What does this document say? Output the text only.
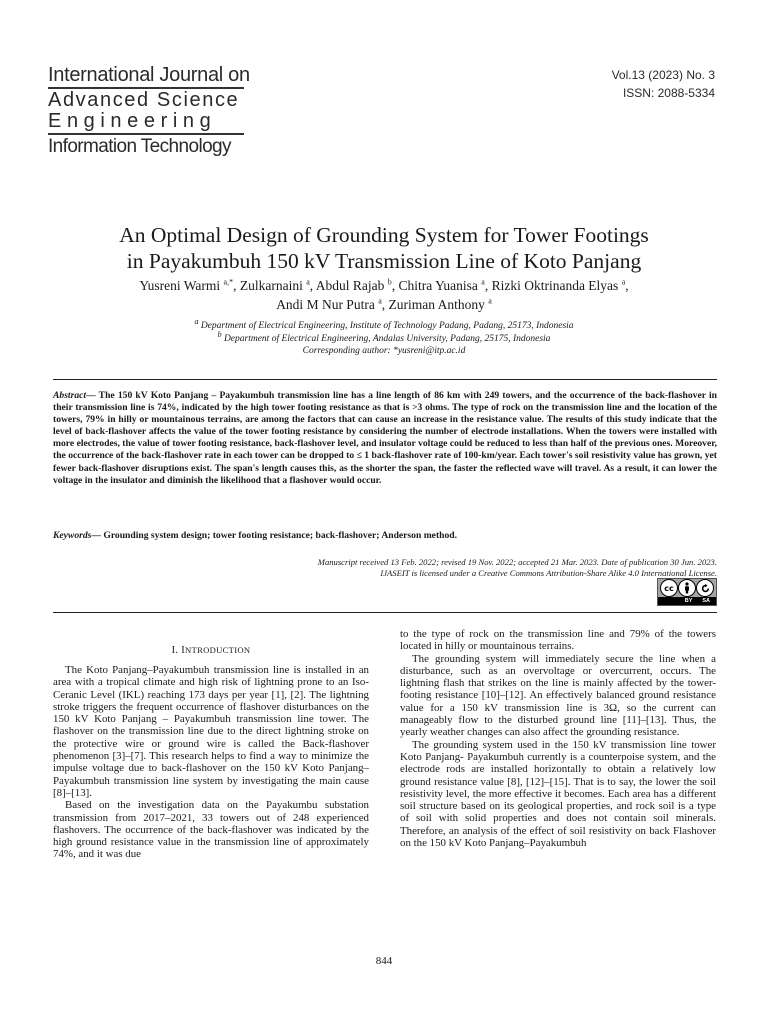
International Journal on
Advanced Science
Engineering
Information Technology
Vol.13 (2023) No. 3
ISSN: 2088-5334
An Optimal Design of Grounding System for Tower Footings
in Payakumbuh 150 kV Transmission Line of Koto Panjang
Yusreni Warmi $^{a,*}$, Zulkarnaini $^a$, Abdul Rajab $^b$, Chitra Yuanisa $^a$, Rizki Oktrinanda Elyas $^a$,
Andi M Nur Putra $^a$, Zuriman Anthony $^a$
$^a$ Department of Electrical Engineering, Institute of Technology Padang, Padang, 25173, Indonesia
$^b$ Department of Electrical Engineering, Andalas University, Padang, 25175, Indonesia
Corresponding author: *yusreni@itp.ac.id
Abstract— The 150 kV Koto Panjang – Payakumbuh transmission line has a line length of 86 km with 249 towers, and the occurrence of the back-flashover in their transmission line is 74%, indicated by the high tower footing resistance as that is >3 ohms. The type of rock on the transmission line and the location of the towers, 79% in hilly or mountainous terrains, are among the factors that can cause an increase in the resistance value. The results of this study indicate that the level of back-flashover affects the value of the tower footing resistance by considering the number of electrode installations. When the towers were installed with more electrodes, the value of tower footing resistance, back-flashover level, and insulator voltage could be reduced to less than half of the previous ones. Moreover, the occurrence of the back-flashover rate in each tower can be dropped to ≤ 1 back-flashover rate of 100-km/year. Each tower's soil resistivity value has grown, yet fewer back-flashover disruptions exist. The span's length causes this, as the shorter the span, the faster the reflected wave will travel. As a result, it can lower the voltage in the insulator and diminish the likelihood that a flashover would occur.
Keywords— Grounding system design; tower footing resistance; back-flashover; Anderson method.
Manuscript received 13 Feb. 2022; revised 19 Nov. 2022; accepted 21 Mar. 2023. Date of publication 30 Jun. 2023.
IJASEIT is licensed under a Creative Commons Attribution-Share Alike 4.0 International License.
cc
BY SA
I. INTRODUCTION

The Koto Panjang–Payakumbuh transmission line is installed in an area with a tropical climate and high risk of lightning prone to an Iso-Ceranic Level (IKL) reaching 173 days per year [1], [2]. The lightning stroke triggers the frequent occurrence of flashover disturbances on the 150 kV Koto Panjang – Payakumbuh transmission line tower. The flashover on the transmission line due to the direct lightning stroke on the protective wire or ground wire is called the Back-flashover phenomenon [3]–[7]. This research helps to find a way to minimize the impulse voltage due to back-flashover on the 150 kV Koto Panjang–Payakumbuh transmission line system by investigating the main cause [8]–[13].

Based on the investigation data on the Payakumbu substation transmission from 2017–2021, 33 towers out of 248 experienced flashovers. The occurrence of the back-flashover was indicated by the high ground resistance value in the transmission line of approximately 74%, and it was due

to the type of rock on the transmission line and 79% of the towers located in hilly or mountainous terrains.

The grounding system will immediately secure the line when a disturbance, such as an overvoltage or overcurrent, occurs. The lightning flash that strikes on the line is mainly affected by the tower-footing resistance [10]–[12]. An effectively balanced ground resistance value for a 150 kV transmission line is 3Ω, so the current can manageably flow to the disturbed ground line [11]–[13]. Thus, the yearly weather changes can also affect the grounding resistance.

The grounding system used in the 150 kV transmission line tower Koto Panjang- Payakumbuh currently is a counterpoise system, and the electrode rods are installed horizontally to obtain a relatively low ground resistance value [8], [12]–[15]. That is to say, the lower the soil resistivity level, the more effective it becomes. Each area has a different soil structure based on its geological properties, and rock soil is a type of soil with solid properties and does not contain soil minerals. Therefore, an analysis of the effect of soil resistivity on back Flashover on the 150 kV Koto Panjang–Payakumbuh

844
